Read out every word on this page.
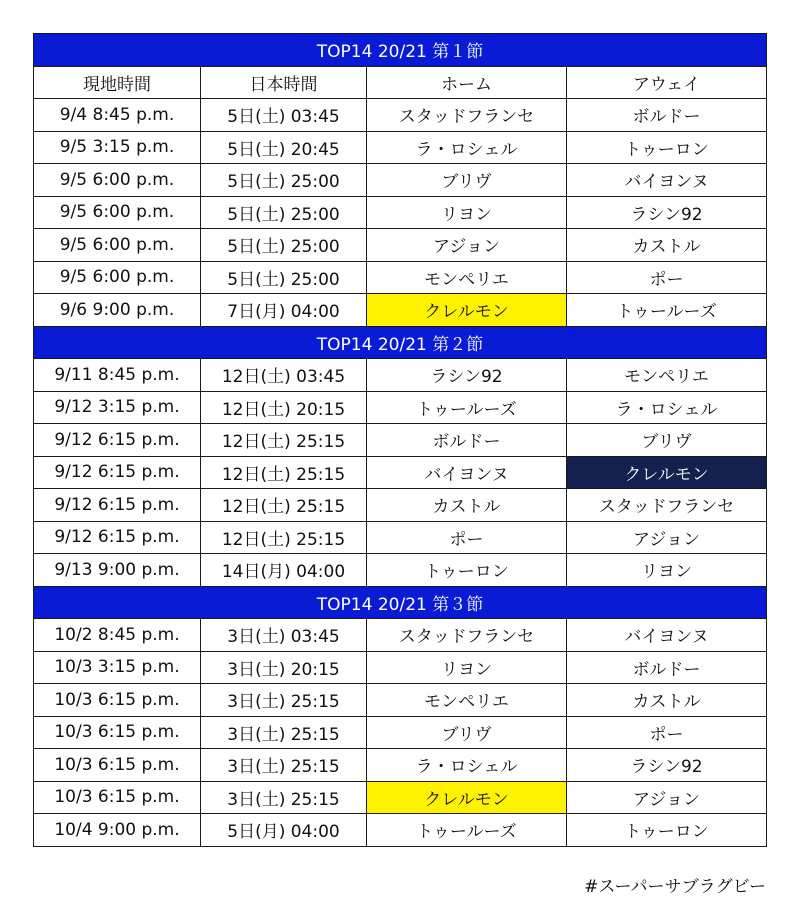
TOP14 20/21 第１節			
現地時間	日本時間	ホーム	アウェイ
9/4 8:45 p.m.	5日(土) 03:45	スタッドフランセ	ボルドー
9/5 3:15 p.m.	5日(土) 20:45	ラ・ロシェル	トゥーロン
9/5 6:00 p.m.	5日(土) 25:00	ブリヴ	バイヨンヌ
9/5 6:00 p.m.	5日(土) 25:00	リヨン	ラシン92
9/5 6:00 p.m.	5日(土) 25:00	アジョン	カストル
9/5 6:00 p.m.	5日(土) 25:00	モンペリエ	ポー
9/6 9:00 p.m.	7日(月) 04:00	クレルモン	トゥールーズ
TOP14 20/21 第２節			
9/11 8:45 p.m.	12日(土) 03:45	ラシン92	モンペリエ
9/12 3:15 p.m.	12日(土) 20:15	トゥールーズ	ラ・ロシェル
9/12 6:15 p.m.	12日(土) 25:15	ボルドー	ブリヴ
9/12 6:15 p.m.	12日(土) 25:15	バイヨンヌ	クレルモン
9/12 6:15 p.m.	12日(土) 25:15	カストル	スタッドフランセ
9/12 6:15 p.m.	12日(土) 25:15	ポー	アジョン
9/13 9:00 p.m.	14日(月) 04:00	トゥーロン	リヨン
TOP14 20/21 第３節			
10/2 8:45 p.m.	3日(土) 03:45	スタッドフランセ	バイヨンヌ
10/3 3:15 p.m.	3日(土) 20:15	リヨン	ボルドー
10/3 6:15 p.m.	3日(土) 25:15	モンペリエ	カストル
10/3 6:15 p.m.	3日(土) 25:15	ブリヴ	ポー
10/3 6:15 p.m.	3日(土) 25:15	ラ・ロシェル	ラシン92
10/3 6:15 p.m.	3日(土) 25:15	クレルモン	アジョン
10/4 9:00 p.m.	5日(月) 04:00	トゥールーズ	トゥーロン
#スーパーサブラグビー
